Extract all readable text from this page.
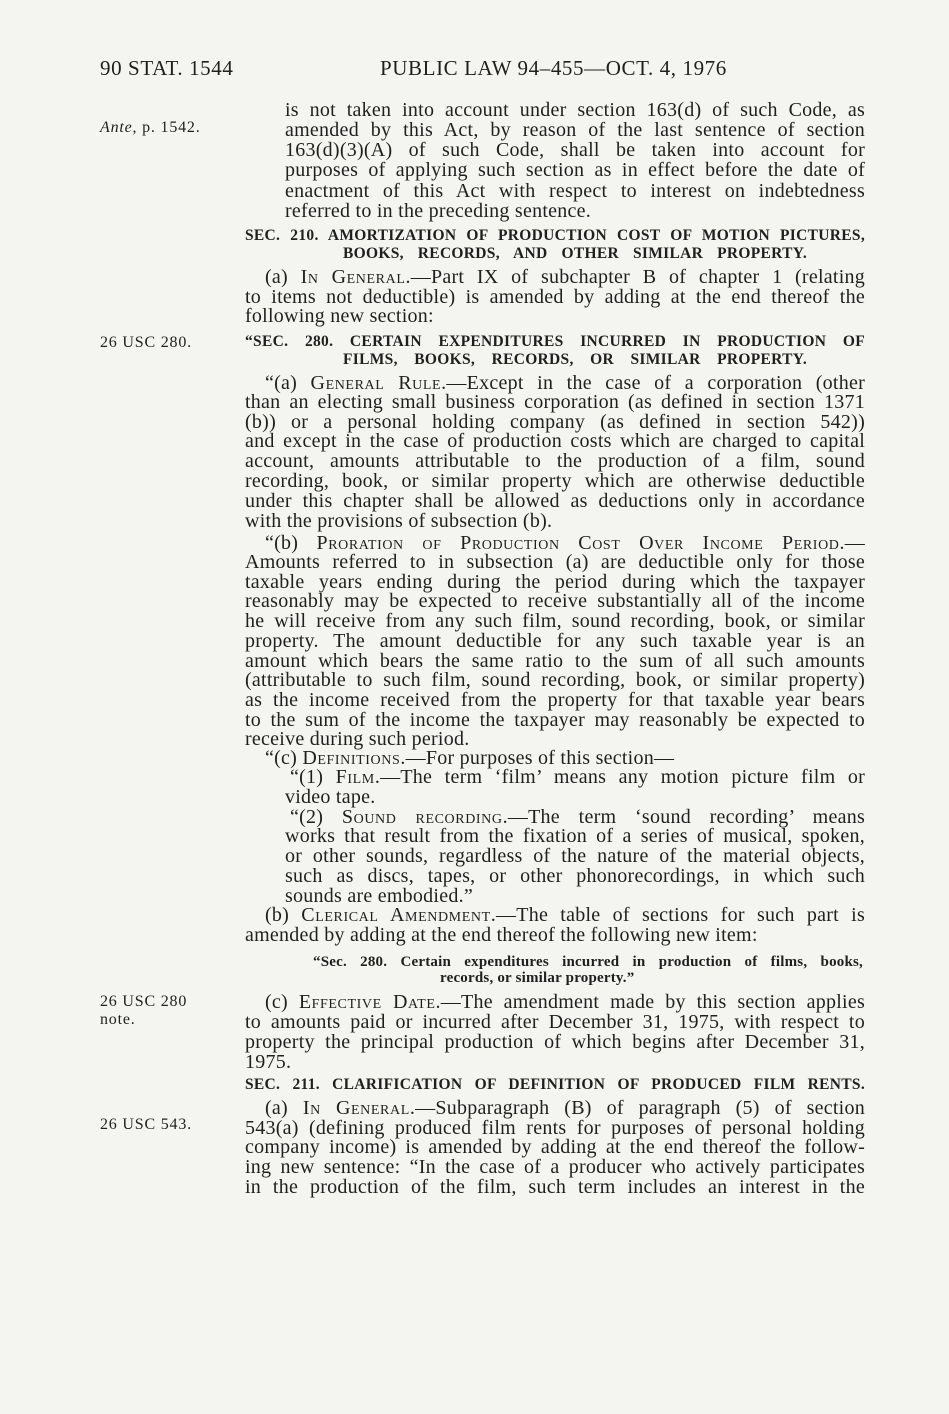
90 STAT. 1544	PUBLIC LAW 94–455—OCT. 4, 1976
Ante, p. 1542.
26 USC 280.
26 USC 280
note.
26 USC 543.
is not taken into account under section 163(d) of such Code, as
amended by this Act, by reason of the last sentence of section
163(d)(3)(A) of such Code, shall be taken into account for
purposes of applying such section as in effect before the date of
enactment of this Act with respect to interest on indebtedness
referred to in the preceding sentence.
SEC. 210. AMORTIZATION OF PRODUCTION COST OF MOTION PICTURES,
BOOKS, RECORDS, AND OTHER SIMILAR PROPERTY.
(a) In General.—Part IX of subchapter B of chapter 1 (relating
to items not deductible) is amended by adding at the end thereof the
following new section:
“SEC. 280. CERTAIN EXPENDITURES INCURRED IN PRODUCTION OF
FILMS, BOOKS, RECORDS, OR SIMILAR PROPERTY.
“(a) General Rule.—Except in the case of a corporation (other
than an electing small business corporation (as defined in section 1371
(b)) or a personal holding company (as defined in section 542))
and except in the case of production costs which are charged to capital
account, amounts attributable to the production of a film, sound
recording, book, or similar property which are otherwise deductible
under this chapter shall be allowed as deductions only in accordance
with the provisions of subsection (b).
“(b) Proration of Production Cost Over Income Period.—
Amounts referred to in subsection (a) are deductible only for those
taxable years ending during the period during which the taxpayer
reasonably may be expected to receive substantially all of the income
he will receive from any such film, sound recording, book, or similar
property. The amount deductible for any such taxable year is an
amount which bears the same ratio to the sum of all such amounts
(attributable to such film, sound recording, book, or similar property)
as the income received from the property for that taxable year bears
to the sum of the income the taxpayer may reasonably be expected to
receive during such period.
“(c) Definitions.—For purposes of this section—
“(1) Film.—The term ‘film’ means any motion picture film or
video tape.
“(2) Sound recording.—The term ‘sound recording’ means
works that result from the fixation of a series of musical, spoken,
or other sounds, regardless of the nature of the material objects,
such as discs, tapes, or other phonorecordings, in which such
sounds are embodied.”
(b) Clerical Amendment.—The table of sections for such part is
amended by adding at the end thereof the following new item:
“Sec. 280. Certain expenditures incurred in production of films, books,
records, or similar property.”
(c) Effective Date.—The amendment made by this section applies
to amounts paid or incurred after December 31, 1975, with respect to
property the principal production of which begins after December 31,
1975.
SEC. 211. CLARIFICATION OF DEFINITION OF PRODUCED FILM RENTS.
(a) In General.—Subparagraph (B) of paragraph (5) of section
543(a) (defining produced film rents for purposes of personal holding
company income) is amended by adding at the end thereof the follow-
ing new sentence: “In the case of a producer who actively participates
in the production of the film, such term includes an interest in the
